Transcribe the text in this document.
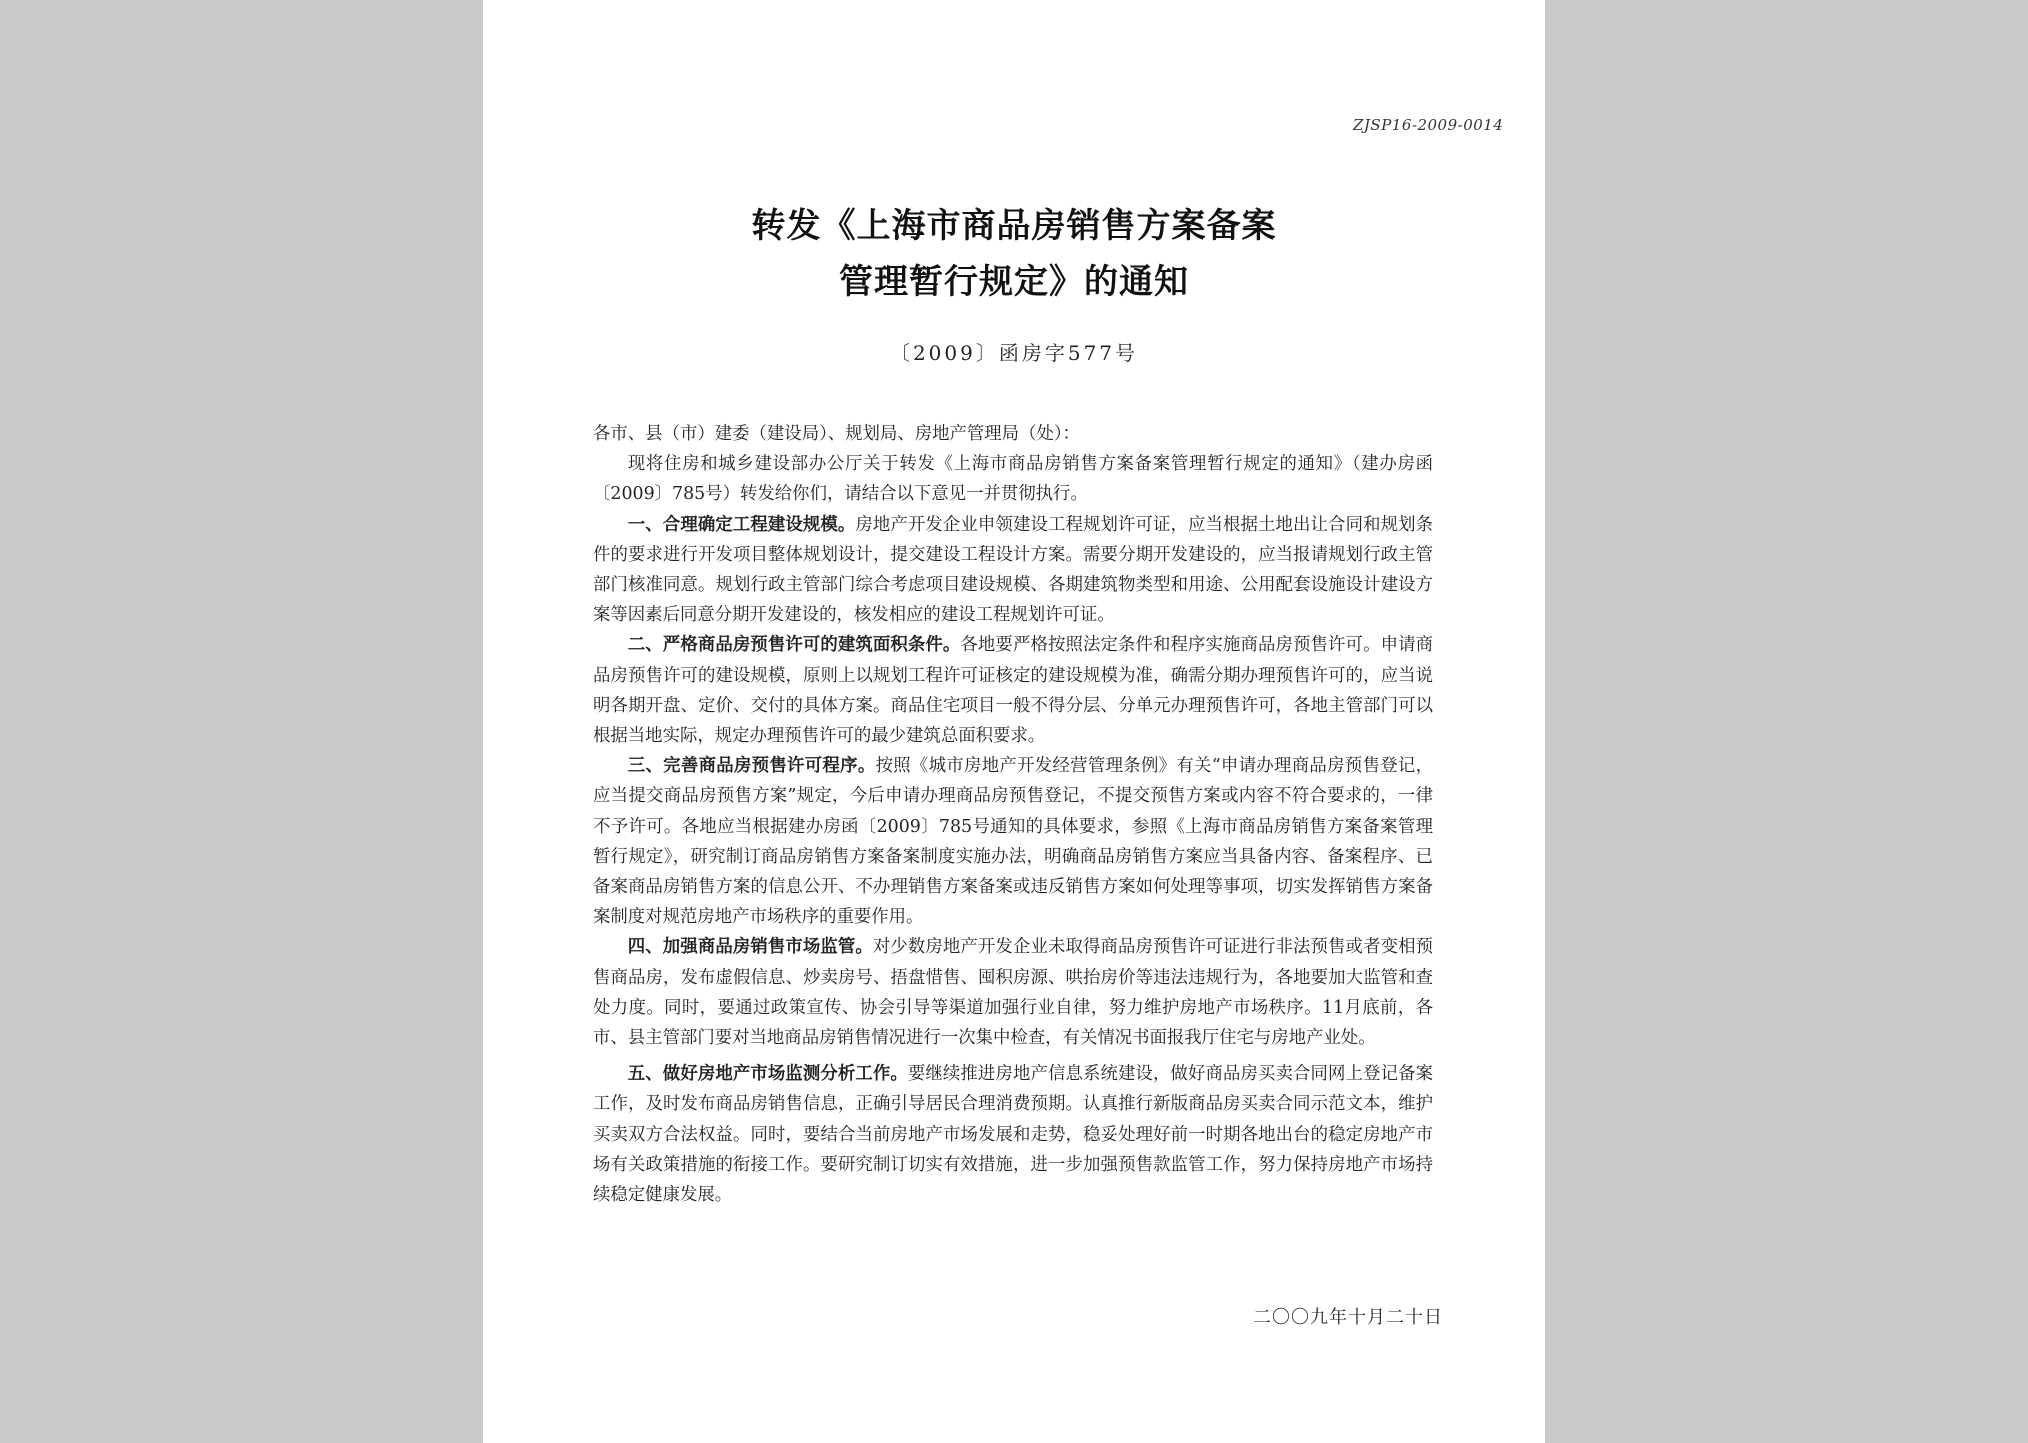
ZJSP16-2009-0014
转发《上海市商品房销售方案备案
管理暂行规定》的通知
〔2009〕函房字577号

各市、县（市）建委（建设局）、规划局、房地产管理局（处）：

现将住房和城乡建设部办公厅关于转发《上海市商品房销售方案备案管理暂行规定的通知》（建办房函〔2009〕785号）转发给你们，请结合以下意见一并贯彻执行。

一、合理确定工程建设规模。房地产开发企业申领建设工程规划许可证，应当根据土地出让合同和规划条件的要求进行开发项目整体规划设计，提交建设工程设计方案。需要分期开发建设的，应当报请规划行政主管部门核准同意。规划行政主管部门综合考虑项目建设规模、各期建筑物类型和用途、公用配套设施设计建设方案等因素后同意分期开发建设的，核发相应的建设工程规划许可证。

二、严格商品房预售许可的建筑面积条件。各地要严格按照法定条件和程序实施商品房预售许可。申请商品房预售许可的建设规模，原则上以规划工程许可证核定的建设规模为准，确需分期办理预售许可的，应当说明各期开盘、定价、交付的具体方案。商品住宅项目一般不得分层、分单元办理预售许可，各地主管部门可以根据当地实际，规定办理预售许可的最少建筑总面积要求。

三、完善商品房预售许可程序。按照《城市房地产开发经营管理条例》有关“申请办理商品房预售登记，应当提交商品房预售方案”规定，今后申请办理商品房预售登记，不提交预售方案或内容不符合要求的，一律不予许可。各地应当根据建办房函〔2009〕785号通知的具体要求，参照《上海市商品房销售方案备案管理暂行规定》，研究制订商品房销售方案备案制度实施办法，明确商品房销售方案应当具备内容、备案程序、已备案商品房销售方案的信息公开、不办理销售方案备案或违反销售方案如何处理等事项，切实发挥销售方案备案制度对规范房地产市场秩序的重要作用。

四、加强商品房销售市场监管。对少数房地产开发企业未取得商品房预售许可证进行非法预售或者变相预售商品房，发布虚假信息、炒卖房号、捂盘惜售、囤积房源、哄抬房价等违法违规行为，各地要加大监管和查处力度。同时，要通过政策宣传、协会引导等渠道加强行业自律，努力维护房地产市场秩序。11月底前，各市、县主管部门要对当地商品房销售情况进行一次集中检查，有关情况书面报我厅住宅与房地产业处。

五、做好房地产市场监测分析工作。要继续推进房地产信息系统建设，做好商品房买卖合同网上登记备案工作，及时发布商品房销售信息，正确引导居民合理消费预期。认真推行新版商品房买卖合同示范文本，维护买卖双方合法权益。同时，要结合当前房地产市场发展和走势，稳妥处理好前一时期各地出台的稳定房地产市场有关政策措施的衔接工作。要研究制订切实有效措施，进一步加强预售款监管工作，努力保持房地产市场持续稳定健康发展。

二〇〇九年十月二十日
